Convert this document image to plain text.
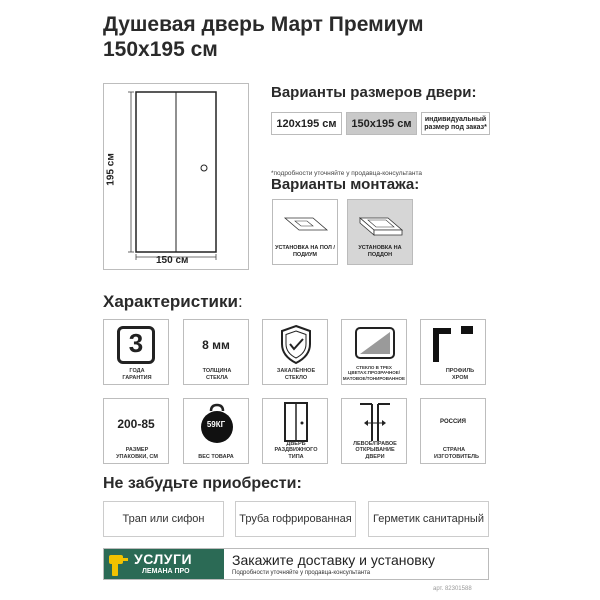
Душевая дверь Март Премиум
150x195 см
195 см
150 см
Варианты размеров двери:
120x195 см	150x195 см	индивидуальный размер под заказ*
*подробности уточняйте у продавца-консультанта
Варианты монтажа:
УСТАНОВКА НА ПОЛ / ПОДИУМ
УСТАНОВКА НА ПОДДОН
Характеристики:
3
ГОДА ГАРАНТИЯ
8 мм
ТОЛЩИНА СТЕКЛА
ЗАКАЛЁННОЕ СТЕКЛО
СТЕКЛО В ТРЕХ ЦВЕТАХ:ПРОЗРАЧНОЕ/ МАТОВОЕ/ТОНИРОВАННОЕ
ПРОФИЛЬ ХРОМ
200-85
РАЗМЕР УПАКОВКИ, СМ
59КГ
ВЕС ТОВАРА
ДВЕРЬ РАЗДВИЖНОГО ТИПА
ЛЕВОЕ/ПРАВОЕ ОТКРЫВАНИЕ ДВЕРИ
РОССИЯ
СТРАНА ИЗГОТОВИТЕЛЬ
Не забудьте приобрести:
Трап или сифон	Труба гофрированная	Герметик санитарный
УСЛУГИ
ЛЕМАНА ПРО
Закажите доставку и установку
Подробности уточняйте у продавца-консультанта
арт. 82301588
